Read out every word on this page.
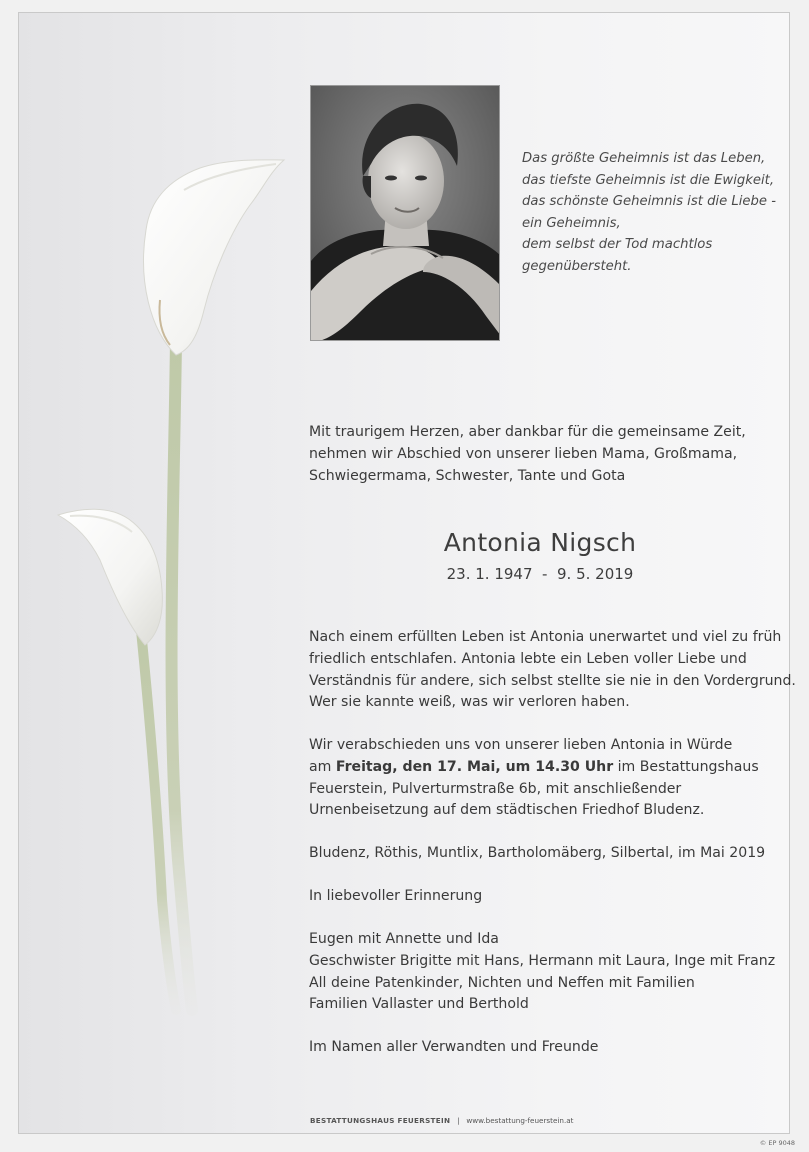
Das größte Geheimnis ist das Leben,
das tiefste Geheimnis ist die Ewigkeit,
das schönste Geheimnis ist die Liebe -
ein Geheimnis,
dem selbst der Tod machtlos
gegenübersteht.
Mit traurigem Herzen, aber dankbar für die gemeinsame Zeit,
nehmen wir Abschied von unserer lieben Mama, Großmama,
Schwiegermama, Schwester, Tante und Gota
Antonia Nigsch
23. 1. 1947  -  9. 5. 2019
Nach einem erfüllten Leben ist Antonia unerwartet und viel zu früh
friedlich entschlafen. Antonia lebte ein Leben voller Liebe und
Verständnis für andere, sich selbst stellte sie nie in den Vordergrund.
Wer sie kannte weiß, was wir verloren haben.
Wir verabschieden uns von unserer lieben Antonia in Würde
am Freitag, den 17. Mai, um 14.30 Uhr im Bestattungshaus
Feuerstein, Pulverturmstraße 6b, mit anschließender
Urnenbeisetzung auf dem städtischen Friedhof Bludenz.
Bludenz, Röthis, Muntlix, Bartholomäberg, Silbertal, im Mai 2019
In liebevoller Erinnerung
Eugen mit Annette und Ida
Geschwister Brigitte mit Hans, Hermann mit Laura, Inge mit Franz
All deine Patenkinder, Nichten und Neffen mit Familien
Familien Vallaster und Berthold
Im Namen aller Verwandten und Freunde
BESTATTUNGSHAUS FEUERSTEIN | www.bestattung-feuerstein.at
© EP 9048
